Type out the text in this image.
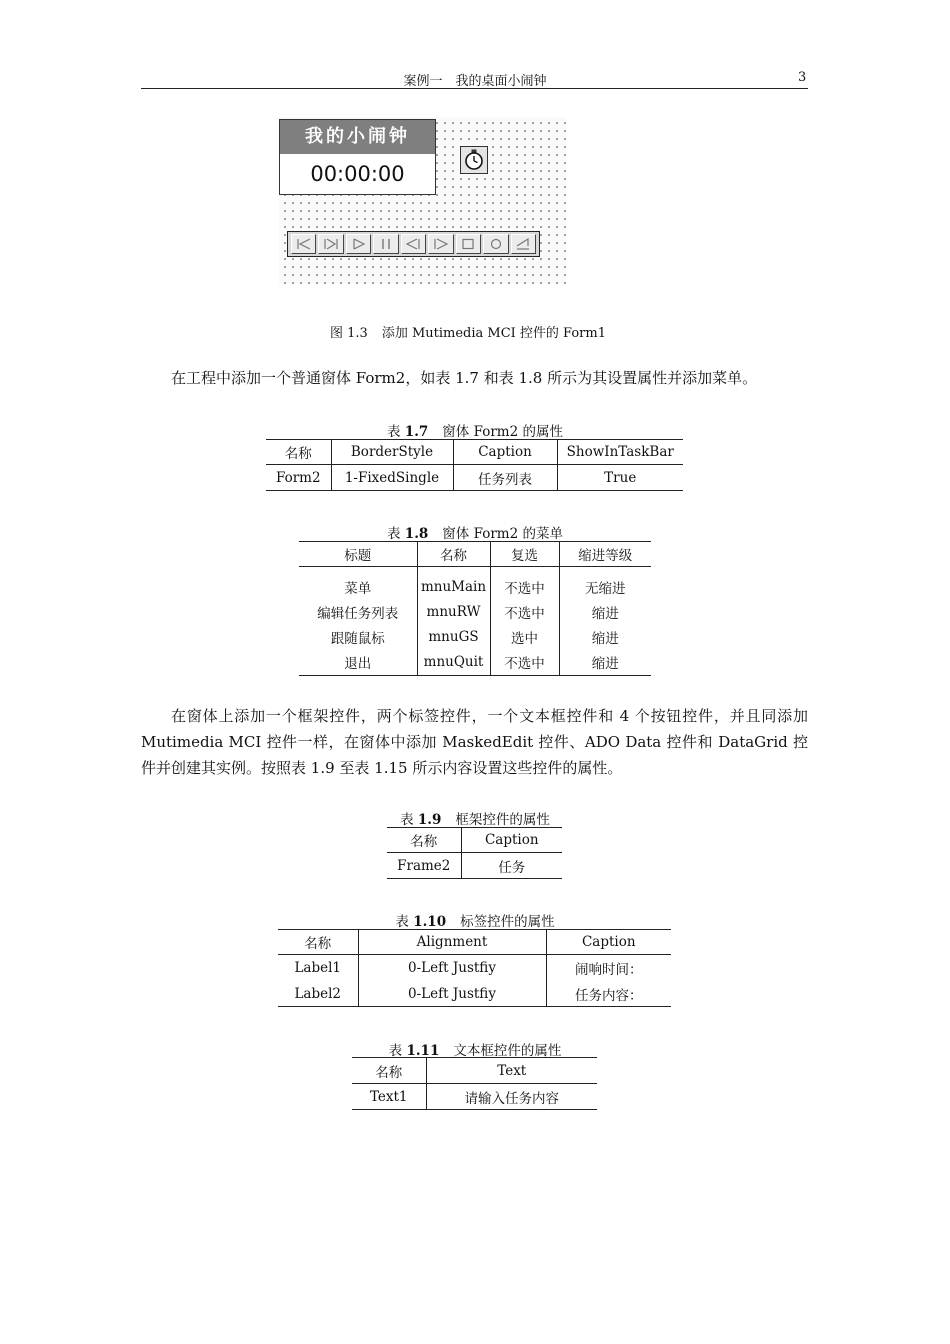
案例一　我的桌面小闹钟	3
我的小闹钟
00:00:00
图 1.3 添加 Mutimedia MCI 控件的 Form1

在工程中添加一个普通窗体 Form2，如表 1.7 和表 1.8 所示为其设置属性并添加菜单。

表 1.7 窗体 Form2 的属性
名称	BorderStyle	Caption	ShowInTaskBar
Form2	1-FixedSingle	任务列表	True
表 1.8 窗体 Form2 的菜单
标题	名称	复选	缩进等级

菜单	mnuMain	不选中	无缩进
编辑任务列表	mnuRW	不选中	缩进
跟随鼠标	mnuGS	选中	缩进
退出	mnuQuit	不选中	缩进

在窗体上添加一个框架控件，两个标签控件，一个文本框控件和 4 个按钮控件，并且同添加 Mutimedia MCI 控件一样，在窗体中添加 MaskedEdit 控件、ADO Data 控件和 DataGrid 控件并创建其实例。按照表 1.9 至表 1.15 所示内容设置这些控件的属性。

表 1.9 框架控件的属性
名称	Caption
Frame2	任务
表 1.10 标签控件的属性
名称	Alignment	Caption
Label1	0-Left Justfiy	闹响时间：
Label2	0-Left Justfiy	任务内容：
表 1.11 文本框控件的属性
名称	Text
Text1	请输入任务内容
